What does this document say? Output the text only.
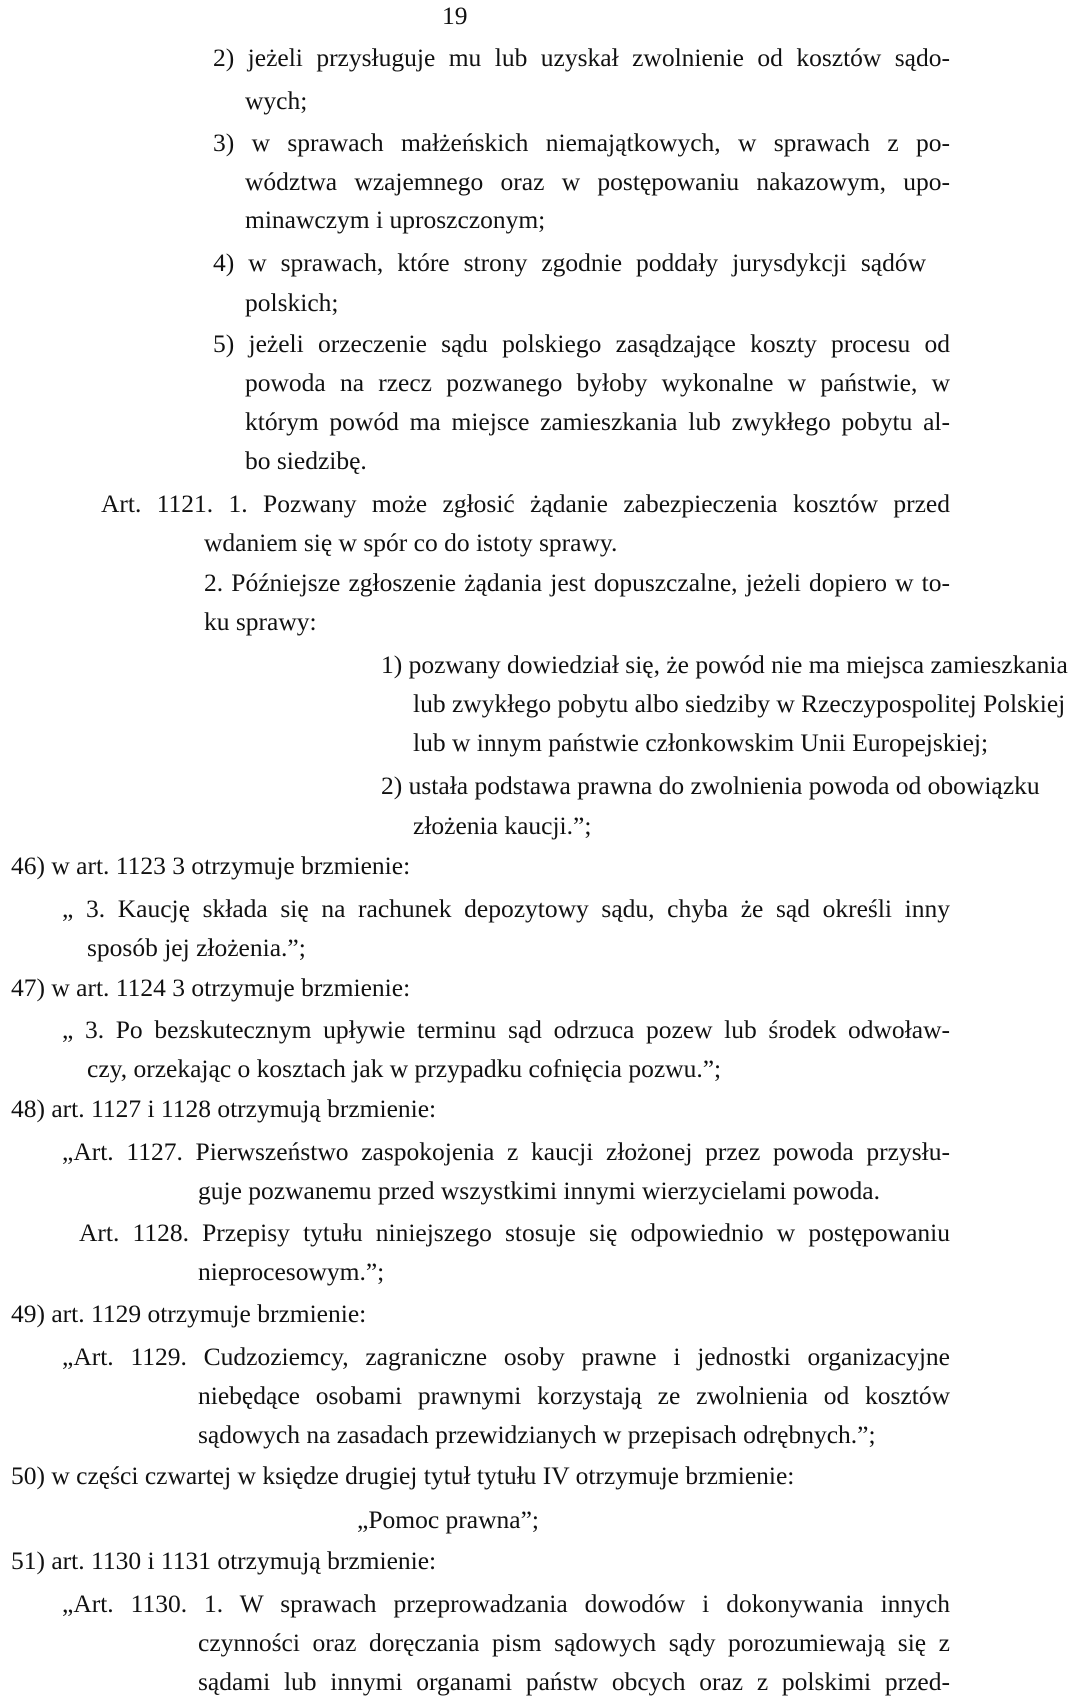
19
2) jeżeli przysługuje mu lub uzyskał zwolnienie od kosztów sądo-
wych;
3) w sprawach małżeńskich niemajątkowych, w sprawach z po-
wództwa wzajemnego oraz w postępowaniu nakazowym, upo-
minawczym i uproszczonym;
4) w sprawach, które strony zgodnie poddały jurysdykcji sądów
polskich;
5) jeżeli orzeczenie sądu polskiego zasądzające koszty procesu od
powoda na rzecz pozwanego byłoby wykonalne w państwie, w
którym powód ma miejsce zamieszkania lub zwykłego pobytu al-
bo siedzibę.
Art. 1121. 1. Pozwany może zgłosić żądanie zabezpieczenia kosztów przed
wdaniem się w spór co do istoty sprawy.
2. Późniejsze zgłoszenie żądania jest dopuszczalne, jeżeli dopiero w to-
ku sprawy:
1) pozwany dowiedział się, że powód nie ma miejsca zamieszkania
lub zwykłego pobytu albo siedziby w Rzeczypospolitej Polskiej
lub w innym państwie członkowskim Unii Europejskiej;
2) ustała podstawa prawna do zwolnienia powoda od obowiązku
złożenia kaucji.”;
46) w art. 1123 3 otrzymuje brzmienie:
„ 3. Kaucję składa się na rachunek depozytowy sądu, chyba że sąd określi inny
sposób jej złożenia.”;
47) w art. 1124 3 otrzymuje brzmienie:
„ 3. Po bezskutecznym upływie terminu sąd odrzuca pozew lub środek odwoław-
czy, orzekając o kosztach jak w przypadku cofnięcia pozwu.”;
48) art. 1127 i 1128 otrzymują brzmienie:
„Art. 1127. Pierwszeństwo zaspokojenia z kaucji złożonej przez powoda przysłu-
guje pozwanemu przed wszystkimi innymi wierzycielami powoda.
Art. 1128. Przepisy tytułu niniejszego stosuje się odpowiednio w postępowaniu
nieprocesowym.”;
49) art. 1129 otrzymuje brzmienie:
„Art. 1129. Cudzoziemcy, zagraniczne osoby prawne i jednostki organizacyjne
niebędące osobami prawnymi korzystają ze zwolnienia od kosztów
sądowych na zasadach przewidzianych w przepisach odrębnych.”;
50) w części czwartej w księdze drugiej tytuł tytułu IV otrzymuje brzmienie:
„Pomoc prawna”;
51) art. 1130 i 1131 otrzymują brzmienie:
„Art. 1130. 1. W sprawach przeprowadzania dowodów i dokonywania innych
czynności oraz doręczania pism sądowych sądy porozumiewają się z
sądami lub innymi organami państw obcych oraz z polskimi przed-
